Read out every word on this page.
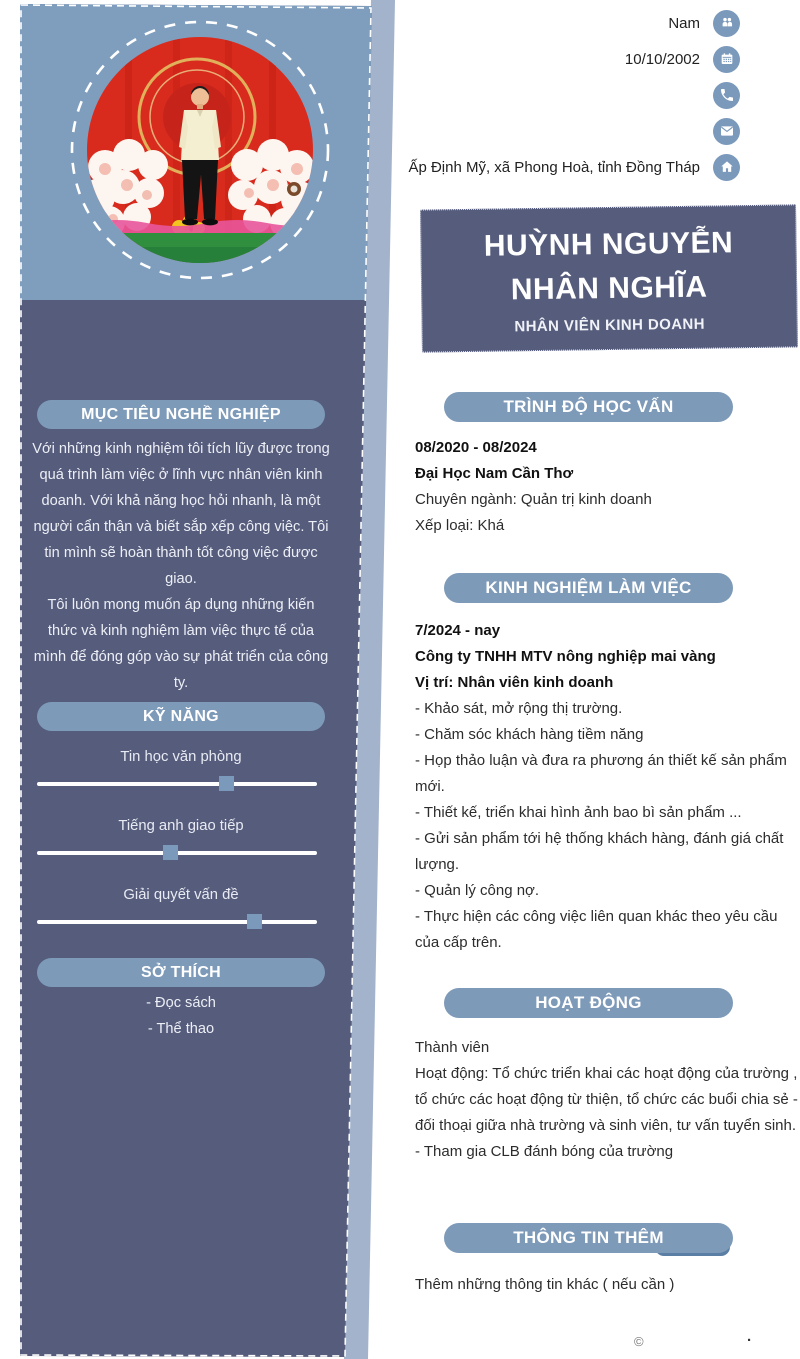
MỤC TIÊU NGHỀ NGHIỆP
Với những kinh nghiệm tôi tích lũy được trong quá trình làm việc ở lĩnh vực nhân viên kinh doanh. Với khả năng học hỏi nhanh, là một người cẩn thận và biết sắp xếp công việc. Tôi tin mình sẽ hoàn thành tốt công việc được giao.
Tôi luôn mong muốn áp dụng những kiến thức và kinh nghiệm làm việc thực tế của mình để đóng góp vào sự phát triển của công ty.
KỸ NĂNG
Tin học văn phòng
Tiếng anh giao tiếp
Giải quyết vấn đề
SỞ THÍCH
- Đọc sách
- Thể thao
Nam
10/10/2002
Ấp Định Mỹ, xã Phong Hoà, tỉnh Đồng Tháp
HUỲNH NGUYỄN NHÂN NGHĨA
NHÂN VIÊN KINH DOANH
TRÌNH ĐỘ HỌC VẤN
08/2020 - 08/2024
Đại Học Nam Cần Thơ
Chuyên ngành: Quản trị kinh doanh
Xếp loại: Khá
KINH NGHIỆM LÀM VIỆC
7/2024 - nay
Công ty TNHH MTV nông nghiệp mai vàng
Vị trí: Nhân viên kinh doanh
- Khảo sát, mở rộng thị trường.
- Chăm sóc khách hàng tiềm năng
- Họp thảo luận và đưa ra phương án thiết kế sản phẩm mới.
- Thiết kế, triển khai hình ảnh bao bì sản phẩm ...
- Gửi sản phẩm tới hệ thống khách hàng, đánh giá chất lượng.
- Quản lý công nợ.
- Thực hiện các công việc liên quan khác theo yêu cầu của cấp trên.
HOẠT ĐỘNG
Thành viên
Hoạt động: Tổ chức triển khai các hoạt động của trường , tổ chức các hoạt động từ thiện, tổ chức các buổi chia sẻ - đối thoại giữa nhà trường và sinh viên, tư vấn tuyển sinh.
- Tham gia CLB đánh bóng của trường
THÔNG TIN THÊM
Thêm những thông tin khác ( nếu cần )
©	.
